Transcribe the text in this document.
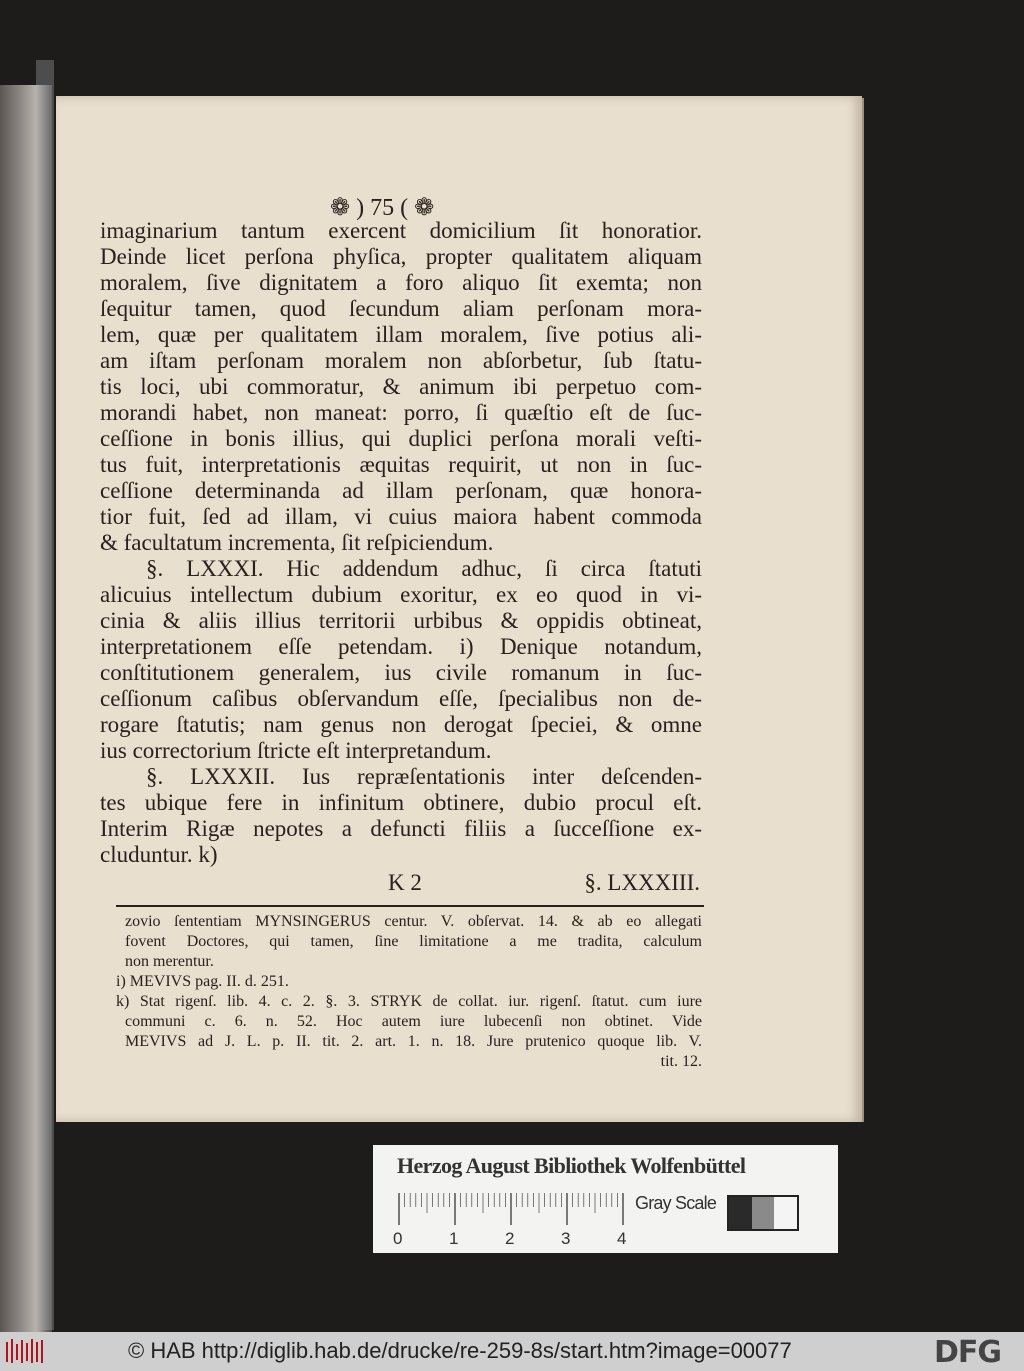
❁ ) 75 ( ❁
imaginarium tantum exercent domicilium ſit honoratior.
Deinde licet perſona phyſica, propter qualitatem aliquam
moralem, ſive dignitatem a foro aliquo ſit exemta; non
ſequitur tamen, quod ſecundum aliam perſonam mora-
lem, quæ per qualitatem illam moralem, ſive potius ali-
am iſtam perſonam moralem non abſorbetur, ſub ſtatu-
tis loci, ubi commoratur, & animum ibi perpetuo com-
morandi habet, non maneat: porro, ſi quæſtio eſt de ſuc-
ceſſione in bonis illius, qui duplici perſona morali veſti-
tus fuit, interpretationis æquitas requirit, ut non in ſuc-
ceſſione determinanda ad illam perſonam, quæ honora-
tior fuit, ſed ad illam, vi cuius maiora habent commoda
& facultatum incrementa, ſit reſpiciendum.
§. LXXXI. Hic addendum adhuc, ſi circa ſtatuti
alicuius intellectum dubium exoritur, ex eo quod in vi-
cinia & aliis illius territorii urbibus & oppidis obtineat,
interpretationem eſſe petendam. i) Denique notandum,
conſtitutionem generalem, ius civile romanum in ſuc-
ceſſionum caſibus obſervandum eſſe, ſpecialibus non de-
rogare ſtatutis; nam genus non derogat ſpeciei, & omne
ius correctorium ſtricte eſt interpretandum.
§. LXXXII. Ius repræſentationis inter deſcenden-
tes ubique fere in infinitum obtinere, dubio procul eſt.
Interim Rigæ nepotes a defuncti filiis a ſucceſſione ex-
cluduntur. k)
K 2	§. LXXXIII.
zovio ſententiam MYNSINGERUS centur. V. obſervat. 14. & ab eo allegati
fovent Doctores, qui tamen, ſine limitatione a me tradita, calculum
non merentur.
i) MEVIVS pag. II. d. 251.
k) Stat rigenſ. lib. 4. c. 2. §. 3. STRYK de collat. iur. rigenſ. ſtatut. cum iure
communi c. 6. n. 52. Hoc autem iure lubecenſi non obtinet. Vide
MEVIVS ad J. L. p. II. tit. 2. art. 1. n. 18. Jure prutenico quoque lib. V.
tit. 12.
Herzog August Bibliothek Wolfenbüttel
0	1	2	3	4
Gray Scale
© HAB http://diglib.hab.de/drucke/re-259-8s/start.htm?image=00077	DFG
